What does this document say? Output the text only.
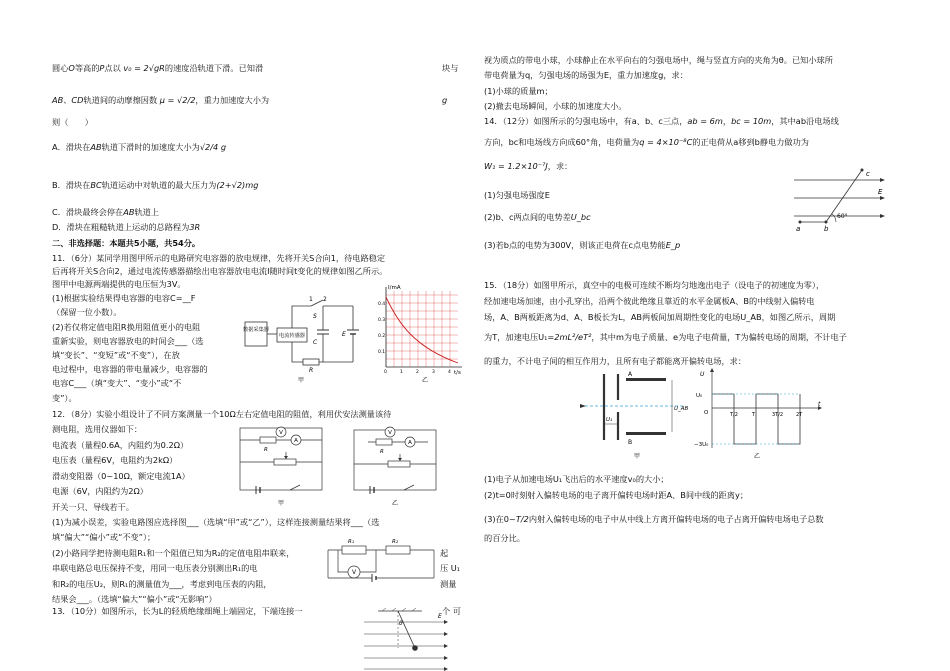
圆心O等高的P点以 v₀ = 2√gR的速度沿轨道下滑。已知滑	块与
AB、CD轨道间的动摩擦因数 μ = √2/2，重力加速度大小为	g
则（　　）
A．滑块在AB轨道下滑时的加速度大小为√2/4 g
B．滑块在BC轨道运动中对轨道的最大压力为(2+√2)mg
C．滑块最终会停在AB轨道上
D．滑块在粗糙轨道上运动的总路程为3R
二、非选择题：本题共5小题，共54分。
11．（6分）某同学用图甲所示的电路研究电容器的放电规律，先将开关S合向1，待电路稳定
后再将开关S合向2，通过电流传感器描绘出电容器放电电流I随时间t变化的规律如图乙所示。
图甲中电源两端提供的电压恒为3V。
(1)根据实验结果得电容器的电容C=__F
（保留一位小数）。
(2)若仅将定值电阻R换用阻值更小的电阻
重新实验，则电容器放电的时间会___（选
填“变长”、“变短”或“不变”），在放
电过程中，电容器的带电量减少，电容器的
电容C___（填“变大”、“变小”或“不
变”）。
数据采集器
电流传感器
1 2
S
C
E
R
甲
I/mA
t/s
0.4
0.3
0.2
0.1
0	1	2	3	4
乙
12．（8分）实验小组设计了不同方案测量一个10Ω左右定值电阻的阻值，利用伏安法测量该待
测电阻，选用仪器如下：
电流表（量程0.6A，内阻约为0.2Ω）
电压表（量程6V，电阻约为2kΩ）
滑动变阻器（0~10Ω，额定电流1A）
电源（6V，内阻约为2Ω）
开关一只、导线若干。
(1)为减小误差，实验电路图应选择图___（选填“甲”或“乙”），这样连接测量结果将___（选
填“偏大”“偏小”或“不变”）；
(2)小路同学把待测电阻R₁和一个阻值已知为R₂的定值电阻串联来，
串联电路总电压保持不变，用同一电压表分别测出R₁的电
和R₂的电压U₂，则R₁的测量值为___，考虑到电压表的内阻，
结果会___。（选填“偏大”“偏小”或“无影响”）
起
压 U₁
测量
V
A
R
甲
V
A
R
乙
R₁	R₂
V
13．（10分）如图所示，长为L的轻质绝缘细绳上端固定，下端连接一	个 可
θ
E
视为质点的带电小球，小球静止在水平向右的匀强电场中，绳与竖直方向的夹角为θ。已知小球所
带电荷量为q，匀强电场的场强为E，重力加速度g，求：
(1)小球的质量m；
(2)撤去电场瞬间，小球的加速度大小。
14．（12分）如图所示的匀强电场中，有a、b、c三点，ab = 6m，bc = 10m，其中ab沿电场线
方向，bc和电场线方向成60°角，电荷量为q = 4×10⁻⁸C的正电荷从a移到b静电力做功为
W₁ = 1.2×10⁻⁷J，求：
(1)匀强电场强度E
(2)b、c两点间的电势差U_bc
(3)若b点的电势为300V，则该正电荷在c点电势能E_p
60°
a	b
c
E
15．（18分）如图甲所示，真空中的电极可连续不断均匀地逸出电子（设电子的初速度为零），
经加速电场加速，由小孔穿出，沿两个彼此绝缘且靠近的水平金属板A、B的中线射入偏转电
场，A、B两板距离为d、A、B板长为L，AB两板间加周期性变化的电场U_AB，如图乙所示，周期
为T，加速电压U₁=2mL²/eT²，其中m为电子质量、e为电子电荷量，T为偏转电场的周期，不计电子
的重力，不计电子间的相互作用力，且所有电子都能离开偏转电场，求：
A
B
U_AB
U₁
甲
U
t
O
U₀
−3U₀
T/2	T	3T/2	2T
乙
(1)电子从加速电场U₁飞出后的水平速度v₀的大小；
(2)t=0时刻射入偏转电场的电子离开偏转电场时距A、B间中线的距离y；
(3)在0~T/2内射入偏转电场的电子中从中线上方离开偏转电场的电子占离开偏转电场电子总数
的百分比。
